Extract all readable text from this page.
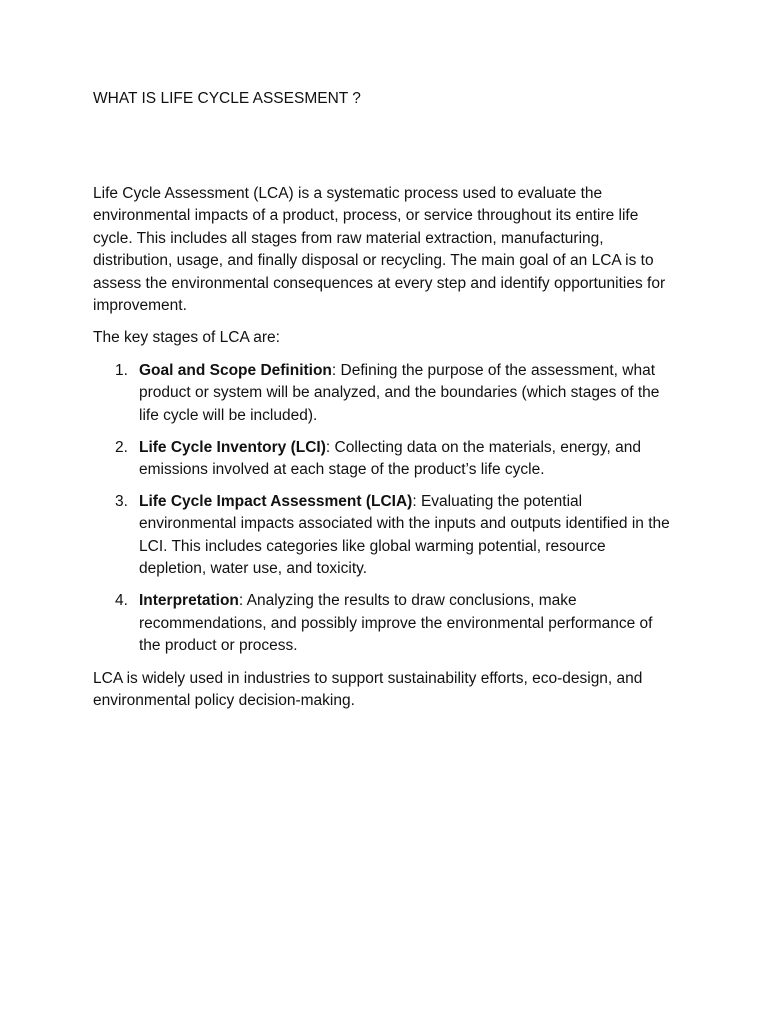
WHAT IS LIFE CYCLE ASSESMENT ?

Life Cycle Assessment (LCA) is a systematic process used to evaluate the environmental impacts of a product, process, or service throughout its entire life cycle. This includes all stages from raw material extraction, manufacturing, distribution, usage, and finally disposal or recycling. The main goal of an LCA is to assess the environmental consequences at every step and identify opportunities for improvement.

The key stages of LCA are:

1. Goal and Scope Definition: Defining the purpose of the assessment, what product or system will be analyzed, and the boundaries (which stages of the life cycle will be included).
2. Life Cycle Inventory (LCI): Collecting data on the materials, energy, and emissions involved at each stage of the product’s life cycle.
3. Life Cycle Impact Assessment (LCIA): Evaluating the potential environmental impacts associated with the inputs and outputs identified in the LCI. This includes categories like global warming potential, resource depletion, water use, and toxicity.
4. Interpretation: Analyzing the results to draw conclusions, make recommendations, and possibly improve the environmental performance of the product or process.

LCA is widely used in industries to support sustainability efforts, eco-design, and environmental policy decision-making.
